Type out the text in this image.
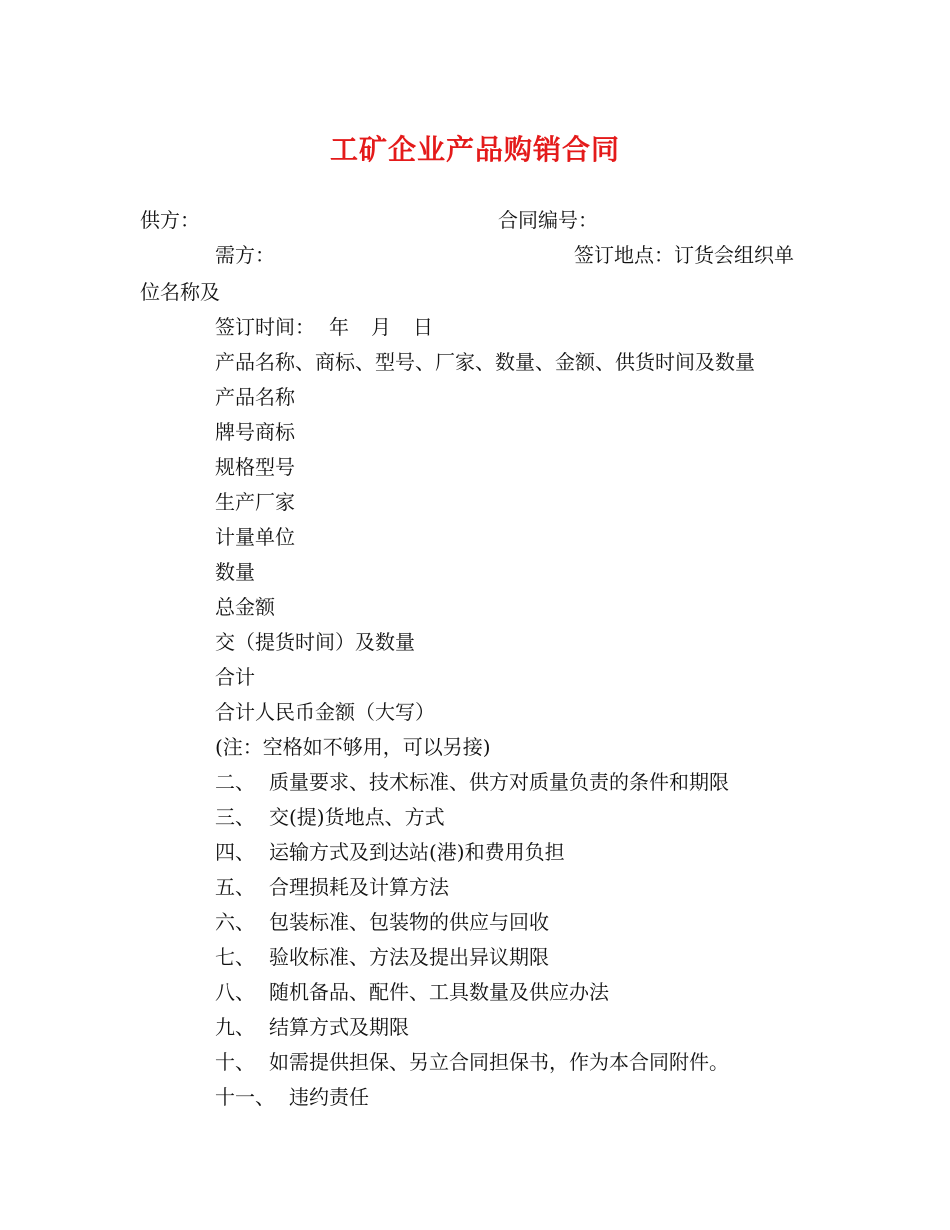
工矿企业产品购销合同
供方：	合同编号：
需方：	签订地点：订货会组织单
位名称及
签订时间： 年 月 日
产品名称、商标、型号、厂家、数量、金额、供货时间及数量
产品名称
牌号商标
规格型号
生产厂家
计量单位
数量
总金额
交（提货时间）及数量
合计
合计人民币金额（大写）
(注：空格如不够用，可以另接)
二、 质量要求、技术标准、供方对质量负责的条件和期限
三、 交(提)货地点、方式
四、 运输方式及到达站(港)和费用负担
五、 合理损耗及计算方法
六、 包装标准、包装物的供应与回收
七、 验收标准、方法及提出异议期限
八、 随机备品、配件、工具数量及供应办法
九、 结算方式及期限
十、 如需提供担保、另立合同担保书，作为本合同附件。
十一、 违约责任
